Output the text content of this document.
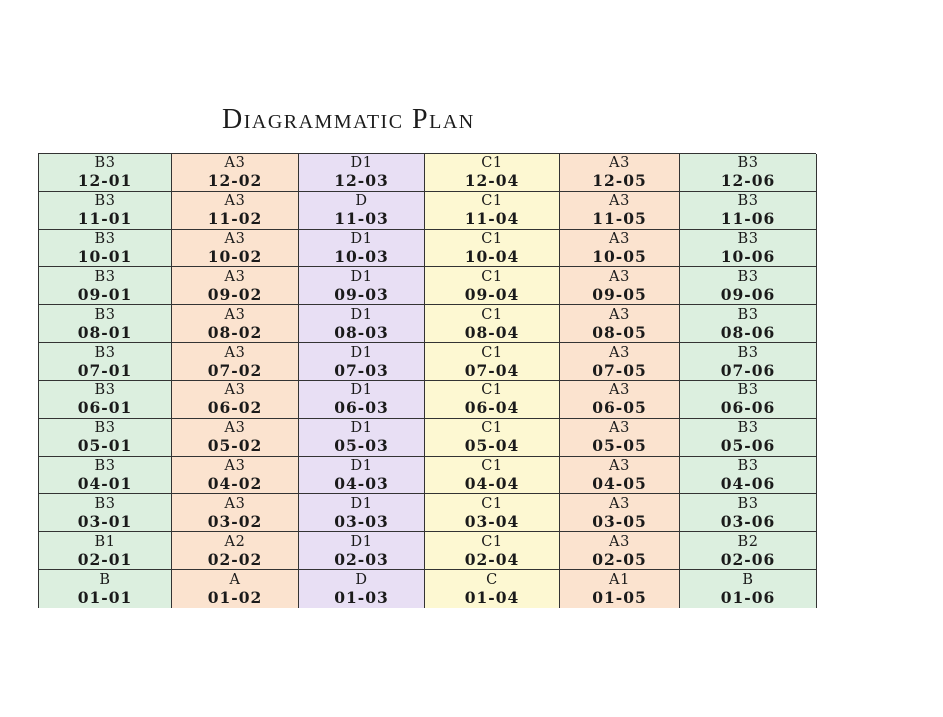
Diagrammatic Plan
B3
12-01
A3
12-02
D1
12-03
C1
12-04
A3
12-05
B3
12-06
B3
11-01
A3
11-02
D
11-03
C1
11-04
A3
11-05
B3
11-06
B3
10-01
A3
10-02
D1
10-03
C1
10-04
A3
10-05
B3
10-06
B3
09-01
A3
09-02
D1
09-03
C1
09-04
A3
09-05
B3
09-06
B3
08-01
A3
08-02
D1
08-03
C1
08-04
A3
08-05
B3
08-06
B3
07-01
A3
07-02
D1
07-03
C1
07-04
A3
07-05
B3
07-06
B3
06-01
A3
06-02
D1
06-03
C1
06-04
A3
06-05
B3
06-06
B3
05-01
A3
05-02
D1
05-03
C1
05-04
A3
05-05
B3
05-06
B3
04-01
A3
04-02
D1
04-03
C1
04-04
A3
04-05
B3
04-06
B3
03-01
A3
03-02
D1
03-03
C1
03-04
A3
03-05
B3
03-06
B1
02-01
A2
02-02
D1
02-03
C1
02-04
A3
02-05
B2
02-06
B
01-01
A
01-02
D
01-03
C
01-04
A1
01-05
B
01-06
